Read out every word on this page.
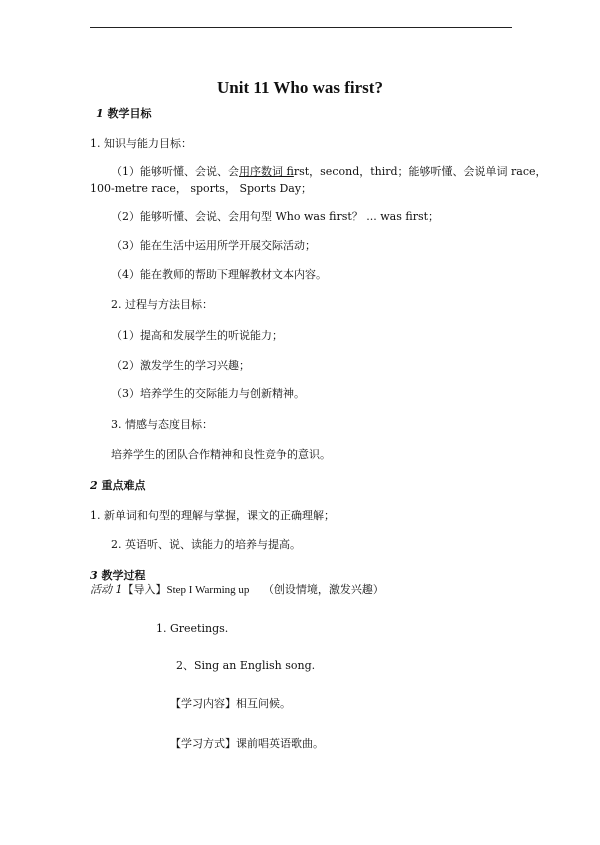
Unit 11 Who was first?
1 教学目标
1. 知识与能力目标：
（1）能够听懂、会说、会用序数词 first，second，third；能够听懂、会说单词 race，
100-metre race， sports， Sports Day；
（2）能够听懂、会说、会用句型 Who was first？ ... was first；
（3）能在生活中运用所学开展交际活动；
（4）能在教师的帮助下理解教材文本内容。
2. 过程与方法目标：
（1）提高和发展学生的听说能力；
（2）激发学生的学习兴趣；
（3）培养学生的交际能力与创新精神。
3. 情感与态度目标：
培养学生的团队合作精神和良性竞争的意识。
2 重点难点
1. 新单词和句型的理解与掌握，课文的正确理解；
2. 英语听、说、读能力的培养与提高。
3 教学过程
活动 1【导入】Step I Warming up （创设情境，激发兴趣）
1. Greetings.
2、Sing an English song.
【学习内容】相互问候。
【学习方式】课前唱英语歌曲。
